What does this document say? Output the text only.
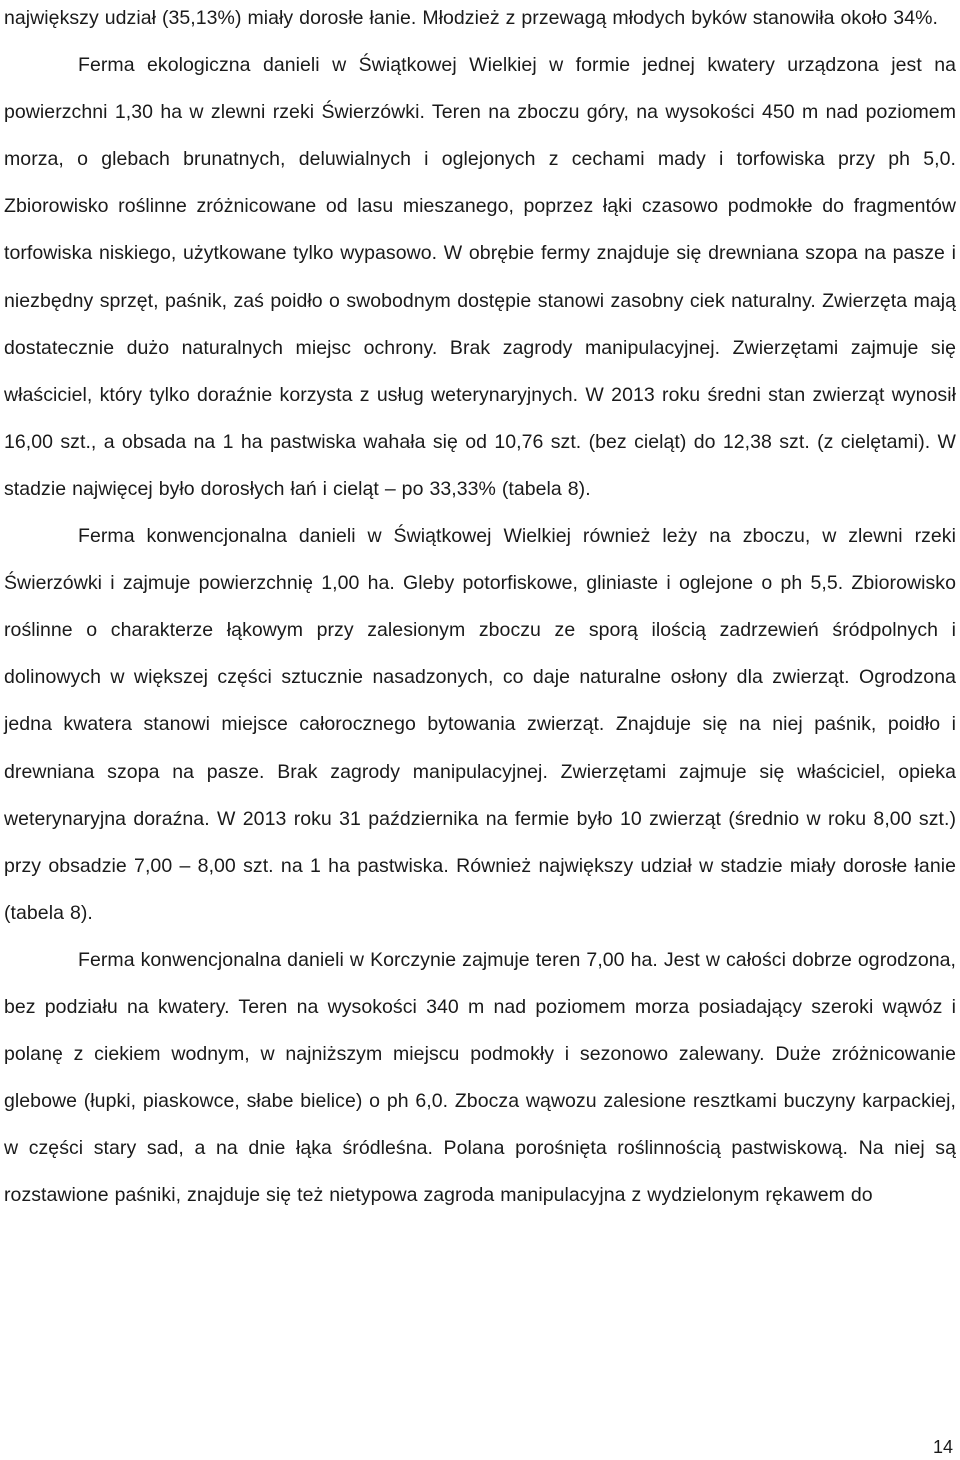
największy udział (35,13%) miały dorosłe łanie. Młodzież z przewagą młodych byków stanowiła około 34%.

Ferma ekologiczna danieli w Świątkowej Wielkiej w formie jednej kwatery urządzona jest na powierzchni 1,30 ha w zlewni rzeki Świerzówki. Teren na zboczu góry, na wysokości 450 m nad poziomem morza, o glebach brunatnych, deluwialnych i oglejonych z cechami mady i torfowiska przy ph 5,0. Zbiorowisko roślinne zróżnicowane od lasu mieszanego, poprzez łąki czasowo podmokłe do fragmentów torfowiska niskiego, użytkowane tylko wypasowo. W obrębie fermy znajduje się drewniana szopa na pasze i niezbędny sprzęt, paśnik, zaś poidło o swobodnym dostępie stanowi zasobny ciek naturalny. Zwierzęta mają dostatecznie dużo naturalnych miejsc ochrony. Brak zagrody manipulacyjnej. Zwierzętami zajmuje się właściciel, który tylko doraźnie korzysta z usług weterynaryjnych. W 2013 roku średni stan zwierząt wynosił 16,00 szt., a obsada na 1 ha pastwiska wahała się od 10,76 szt. (bez cieląt) do 12,38 szt. (z cielętami). W stadzie najwięcej było dorosłych łań i cieląt – po 33,33% (tabela 8).

Ferma konwencjonalna danieli w Świątkowej Wielkiej również leży na zboczu, w zlewni rzeki Świerzówki i zajmuje powierzchnię 1,00 ha. Gleby potorfiskowe, gliniaste i oglejone o ph 5,5. Zbiorowisko roślinne o charakterze łąkowym przy zalesionym zboczu ze sporą ilością zadrzewień śródpolnych i dolinowych w większej części sztucznie nasadzonych, co daje naturalne osłony dla zwierząt. Ogrodzona jedna kwatera stanowi miejsce całorocznego bytowania zwierząt. Znajduje się na niej paśnik, poidło i drewniana szopa na pasze. Brak zagrody manipulacyjnej. Zwierzętami zajmuje się właściciel, opieka weterynaryjna doraźna. W 2013 roku 31 października na fermie było 10 zwierząt (średnio w roku 8,00 szt.) przy obsadzie 7,00 – 8,00 szt. na 1 ha pastwiska. Również największy udział w stadzie miały dorosłe łanie (tabela 8).

Ferma konwencjonalna danieli w Korczynie zajmuje teren 7,00 ha. Jest w całości dobrze ogrodzona, bez podziału na kwatery. Teren na wysokości 340 m nad poziomem morza posiadający szeroki wąwóz i polanę z ciekiem wodnym, w najniższym miejscu podmokły i sezonowo zalewany. Duże zróżnicowanie glebowe (łupki, piaskowce, słabe bielice) o ph 6,0. Zbocza wąwozu zalesione resztkami buczyny karpackiej, w części stary sad, a na dnie łąka śródleśna. Polana porośnięta roślinnością pastwiskową. Na niej są rozstawione paśniki, znajduje się też nietypowa zagroda manipulacyjna z wydzielonym rękawem do

14
